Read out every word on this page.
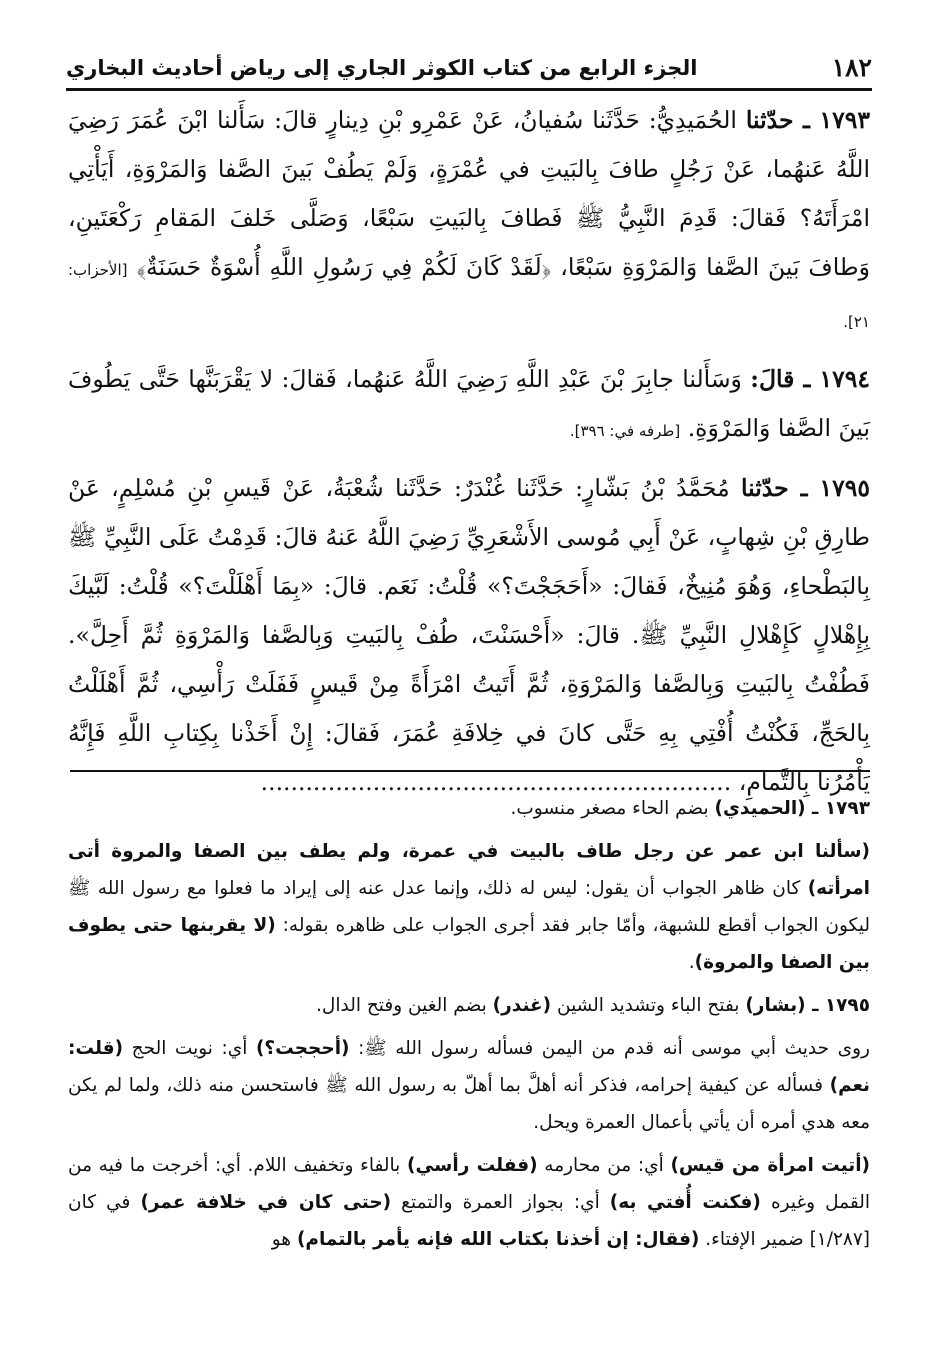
١٨٢
الجزء الرابع من كتاب الكوثر الجاري إلى رياض أحاديث البخاري

١٧٩٣ ـ حدّثنا الحُمَيدِيُّ: حَدَّثَنا سُفيانُ، عَنْ عَمْرِو بْنِ دِينارٍ قالَ: سَأَلنا ابْنَ عُمَرَ رَضِيَ اللَّهُ عَنهُما، عَنْ رَجُلٍ طافَ بِالبَيتِ في عُمْرَةٍ، وَلَمْ يَطُفْ بَينَ الصَّفا وَالمَرْوَةِ، أَيَأْتِي امْرَأَتَهُ؟ فَقالَ: قَدِمَ النَّبِيُّ ﷺ فَطافَ بِالبَيتِ سَبْعًا، وَصَلَّى خَلفَ المَقامِ رَكْعَتَينِ، وَطافَ بَينَ الصَّفا وَالمَرْوَةِ سَبْعًا، ﴿لَقَدْ كَانَ لَكُمْ فِي رَسُولِ اللَّهِ أُسْوَةٌ حَسَنَةٌ﴾ [الأحزاب: ٢١].

١٧٩٤ ـ قالَ: وَسَأَلنا جابِرَ بْنَ عَبْدِ اللَّهِ رَضِيَ اللَّهُ عَنهُما، فَقالَ: لا يَقْرَبَنَّها حَتَّى يَطُوفَ بَينَ الصَّفا وَالمَرْوَةِ. [طرفه في: ٣٩٦].

١٧٩٥ ـ حدّثنا مُحَمَّدُ بْنُ بَشّارٍ: حَدَّثَنا غُنْدَرٌ: حَدَّثَنا شُعْبَةُ، عَنْ قَيسِ بْنِ مُسْلِمٍ، عَنْ طارِقِ بْنِ شِهابٍ، عَنْ أَبِي مُوسى الأَشْعَرِيِّ رَضِيَ اللَّهُ عَنهُ قالَ: قَدِمْتُ عَلَى النَّبِيِّ ﷺ بِالبَطْحاءِ، وَهُوَ مُنِيخٌ، فَقالَ: «أَحَجَجْتَ؟» قُلْتُ: نَعَم. قالَ: «بِمَا أَهْلَلْتَ؟» قُلْتُ: لَبَّيكَ بِإِهْلالٍ كَإِهْلالِ النَّبِيِّ ﷺ. قالَ: «أَحْسَنْتَ، طُفْ بِالبَيتِ وَبِالصَّفا وَالمَرْوَةِ ثُمَّ أَحِلَّ». فَطُفْتُ بِالبَيتِ وَبِالصَّفا وَالمَرْوَةِ، ثُمَّ أَتَيتُ امْرَأَةً مِنْ قَيسٍ فَفَلَتْ رَأْسِي، ثُمَّ أَهْلَلْتُ بِالحَجِّ، فَكُنْتُ أُفْتِي بِهِ حَتَّى كانَ في خِلافَةِ عُمَرَ، فَقالَ: إِنْ أَخَذْنا بِكِتابِ اللَّهِ فَإِنَّهُ يَأْمُرُنا بِالتَّمامِ، ...............................................................

١٧٩٣ ـ (الحميدي) بضم الحاء مصغر منسوب.

(سألنا ابن عمر عن رجل طاف بالبيت في عمرة، ولم يطف بين الصفا والمروة أتى امرأته) كان ظاهر الجواب أن يقول: ليس له ذلك، وإنما عدل عنه إلى إيراد ما فعلوا مع رسول الله ﷺ ليكون الجواب أقطع للشبهة، وأمّا جابر فقد أجرى الجواب على ظاهره بقوله: (لا يقربنها حتى يطوف بين الصفا والمروة).

١٧٩٥ ـ (بشار) بفتح الباء وتشديد الشين (غندر) بضم الغين وفتح الدال.

روى حديث أبي موسى أنه قدم من اليمن فسأله رسول الله ﷺ: (أحججت؟) أي: نويت الحج (قلت: نعم) فسأله عن كيفية إحرامه، فذكر أنه أهلَّ بما أهلّ به رسول الله ﷺ فاستحسن منه ذلك، ولما لم يكن معه هدي أمره أن يأتي بأعمال العمرة ويحل.

(أتيت امرأة من قيس) أي: من محارمه (ففلت رأسي) بالفاء وتخفيف اللام. أي: أخرجت ما فيه من القمل وغيره (فكنت أُفتي به) أي: بجواز العمرة والتمتع (حتى كان في خلافة عمر) في كان [١/٢٨٧] ضمير الإفتاء. (فقال: إن أخذنا بكتاب الله فإنه يأمر بالتمام) هو
